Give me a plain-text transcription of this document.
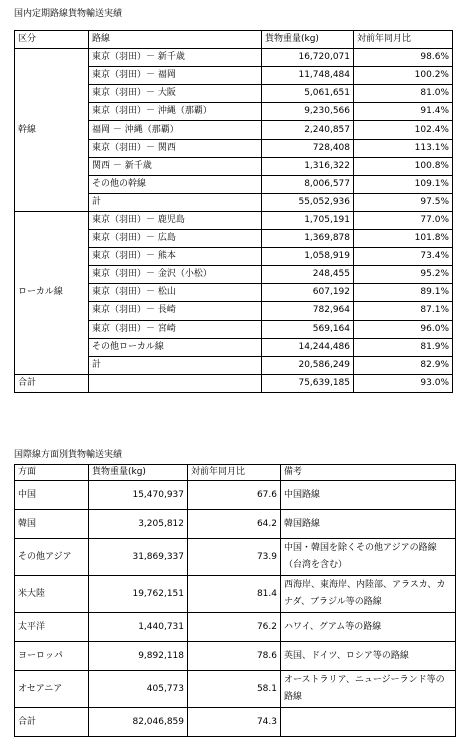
国内定期路線貨物輸送実績
区分	路線	貨物重量(kg)	対前年同月比
幹線	東京（羽田）－ 新千歳	16,720,071	98.6%
	東京（羽田）－ 福岡	11,748,484	100.2%
	東京（羽田）－ 大阪	5,061,651	81.0%
	東京（羽田）－ 沖縄（那覇）	9,230,566	91.4%
	福岡 － 沖縄（那覇）	2,240,857	102.4%
	東京（羽田）－ 関西	728,408	113.1%
	関西 － 新千歳	1,316,322	100.8%
	その他の幹線	8,006,577	109.1%
	計	55,052,936	97.5%
ローカル線	東京（羽田）－ 鹿児島	1,705,191	77.0%
	東京（羽田）－ 広島	1,369,878	101.8%
	東京（羽田）－ 熊本	1,058,919	73.4%
	東京（羽田）－ 金沢（小松）	248,455	95.2%
	東京（羽田）－ 松山	607,192	89.1%
	東京（羽田）－ 長崎	782,964	87.1%
	東京（羽田）－ 宮崎	569,164	96.0%
	その他ローカル線	14,244,486	81.9%
	計	20,586,249	82.9%
合計		75,639,185	93.0%
国際線方面別貨物輸送実績
方面	貨物重量(kg)	対前年同月比	備考
中国	15,470,937	67.6	中国路線
韓国	3,205,812	64.2	韓国路線
その他アジア	31,869,337	73.9	中国・韓国を除くその他アジアの路線（台湾を含む）
米大陸	19,762,151	81.4	西海岸、東海岸、内陸部、アラスカ、カナダ、ブラジル等の路線
太平洋	1,440,731	76.2	ハワイ、グアム等の路線
ヨーロッパ	9,892,118	78.6	英国、ドイツ、ロシア等の路線
オセアニア	405,773	58.1	オーストラリア、ニュージーランド等の路線
合計	82,046,859	74.3	
